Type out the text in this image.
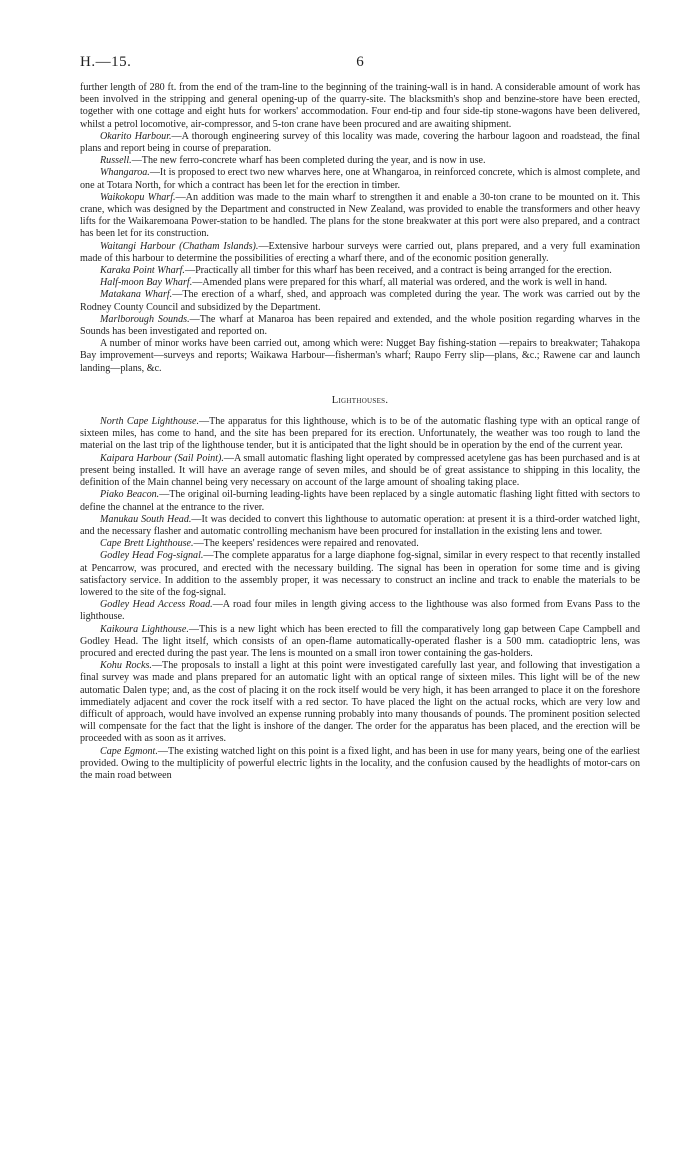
H.—15.	6

further length of 280 ft. from the end of the tram-line to the beginning of the training-wall is in hand. A considerable amount of work has been involved in the stripping and general opening-up of the quarry-site. The blacksmith's shop and benzine-store have been erected, together with one cottage and eight huts for workers' accommodation. Four end-tip and four side-tip stone-wagons have been delivered, whilst a petrol locomotive, air-compressor, and 5-ton crane have been procured and are awaiting shipment.

Okarito Harbour.—A thorough engineering survey of this locality was made, covering the harbour lagoon and roadstead, the final plans and report being in course of preparation.

Russell.—The new ferro-concrete wharf has been completed during the year, and is now in use.

Whangaroa.—It is proposed to erect two new wharves here, one at Whangaroa, in reinforced concrete, which is almost complete, and one at Totara North, for which a contract has been let for the erection in timber.

Waikokopu Wharf.—An addition was made to the main wharf to strengthen it and enable a 30-ton crane to be mounted on it. This crane, which was designed by the Department and constructed in New Zealand, was provided to enable the transformers and other heavy lifts for the Waikaremoana Power-station to be handled. The plans for the stone breakwater at this port were also prepared, and a contract has been let for its construction.

Waitangi Harbour (Chatham Islands).—Extensive harbour surveys were carried out, plans prepared, and a very full examination made of this harbour to determine the possibilities of erecting a wharf there, and of the economic position generally.

Karaka Point Wharf.—Practically all timber for this wharf has been received, and a contract is being arranged for the erection.

Half-moon Bay Wharf.—Amended plans were prepared for this wharf, all material was ordered, and the work is well in hand.

Matakana Wharf.—The erection of a wharf, shed, and approach was completed during the year. The work was carried out by the Rodney County Council and subsidized by the Department.

Marlborough Sounds.—The wharf at Manaroa has been repaired and extended, and the whole position regarding wharves in the Sounds has been investigated and reported on.

A number of minor works have been carried out, among which were: Nugget Bay fishing-station —repairs to breakwater; Tahakopa Bay improvement—surveys and reports; Waikawa Harbour—fisherman's wharf; Raupo Ferry slip—plans, &c.; Rawene car and launch landing—plans, &c.

Lighthouses.

North Cape Lighthouse.—The apparatus for this lighthouse, which is to be of the automatic flashing type with an optical range of sixteen miles, has come to hand, and the site has been prepared for its erection. Unfortunately, the weather was too rough to land the material on the last trip of the lighthouse tender, but it is anticipated that the light should be in operation by the end of the current year.

Kaipara Harbour (Sail Point).—A small automatic flashing light operated by compressed acetylene gas has been purchased and is at present being installed. It will have an average range of seven miles, and should be of great assistance to shipping in this locality, the definition of the Main channel being very necessary on account of the large amount of shoaling taking place.

Piako Beacon.—The original oil-burning leading-lights have been replaced by a single automatic flashing light fitted with sectors to define the channel at the entrance to the river.

Manukau South Head.—It was decided to convert this lighthouse to automatic operation: at present it is a third-order watched light, and the necessary flasher and automatic controlling mechanism have been procured for installation in the existing lens and tower.

Cape Brett Lighthouse.—The keepers' residences were repaired and renovated.

Godley Head Fog-signal.—The complete apparatus for a large diaphone fog-signal, similar in every respect to that recently installed at Pencarrow, was procured, and erected with the necessary building. The signal has been in operation for some time and is giving satisfactory service. In addition to the assembly proper, it was necessary to construct an incline and track to enable the materials to be lowered to the site of the fog-signal.

Godley Head Access Road.—A road four miles in length giving access to the lighthouse was also formed from Evans Pass to the lighthouse.

Kaikoura Lighthouse.—This is a new light which has been erected to fill the comparatively long gap between Cape Campbell and Godley Head. The light itself, which consists of an open-flame automatically-operated flasher is a 500 mm. catadioptric lens, was procured and erected during the past year. The lens is mounted on a small iron tower containing the gas-holders.

Kohu Rocks.—The proposals to install a light at this point were investigated carefully last year, and following that investigation a final survey was made and plans prepared for an automatic light with an optical range of sixteen miles. This light will be of the new automatic Dalen type; and, as the cost of placing it on the rock itself would be very high, it has been arranged to place it on the foreshore immediately adjacent and cover the rock itself with a red sector. To have placed the light on the actual rocks, which are very low and difficult of approach, would have involved an expense running probably into many thousands of pounds. The prominent position selected will compensate for the fact that the light is inshore of the danger. The order for the apparatus has been placed, and the erection will be proceeded with as soon as it arrives.

Cape Egmont.—The existing watched light on this point is a fixed light, and has been in use for many years, being one of the earliest provided. Owing to the multiplicity of powerful electric lights in the locality, and the confusion caused by the headlights of motor-cars on the main road between
